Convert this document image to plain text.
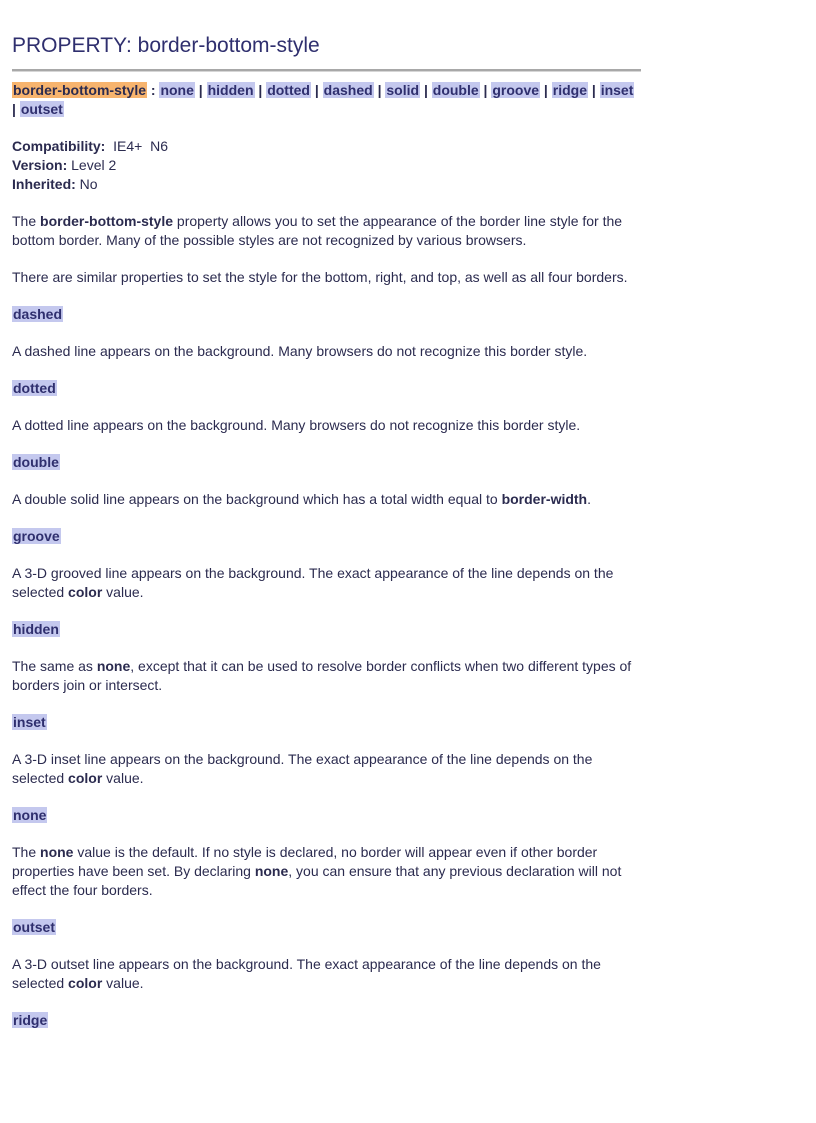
PROPERTY: border-bottom-style

border-bottom-style : none | hidden | dotted | dashed | solid | double | groove | ridge | inset | outset

Compatibility: IE4+  N6
Version: Level 2
Inherited: No

The border-bottom-style property allows you to set the appearance of the border line style for the bottom border. Many of the possible styles are not recognized by various browsers.

There are similar properties to set the style for the bottom, right, and top, as well as all four borders.

dashed

A dashed line appears on the background. Many browsers do not recognize this border style.

dotted

A dotted line appears on the background. Many browsers do not recognize this border style.

double

A double solid line appears on the background which has a total width equal to border-width.

groove

A 3-D grooved line appears on the background. The exact appearance of the line depends on the selected color value.

hidden

The same as none, except that it can be used to resolve border conflicts when two different types of borders join or intersect.

inset

A 3-D inset line appears on the background. The exact appearance of the line depends on the selected color value.

none

The none value is the default. If no style is declared, no border will appear even if other border properties have been set. By declaring none, you can ensure that any previous declaration will not effect the four borders.

outset

A 3-D outset line appears on the background. The exact appearance of the line depends on the selected color value.

ridge
